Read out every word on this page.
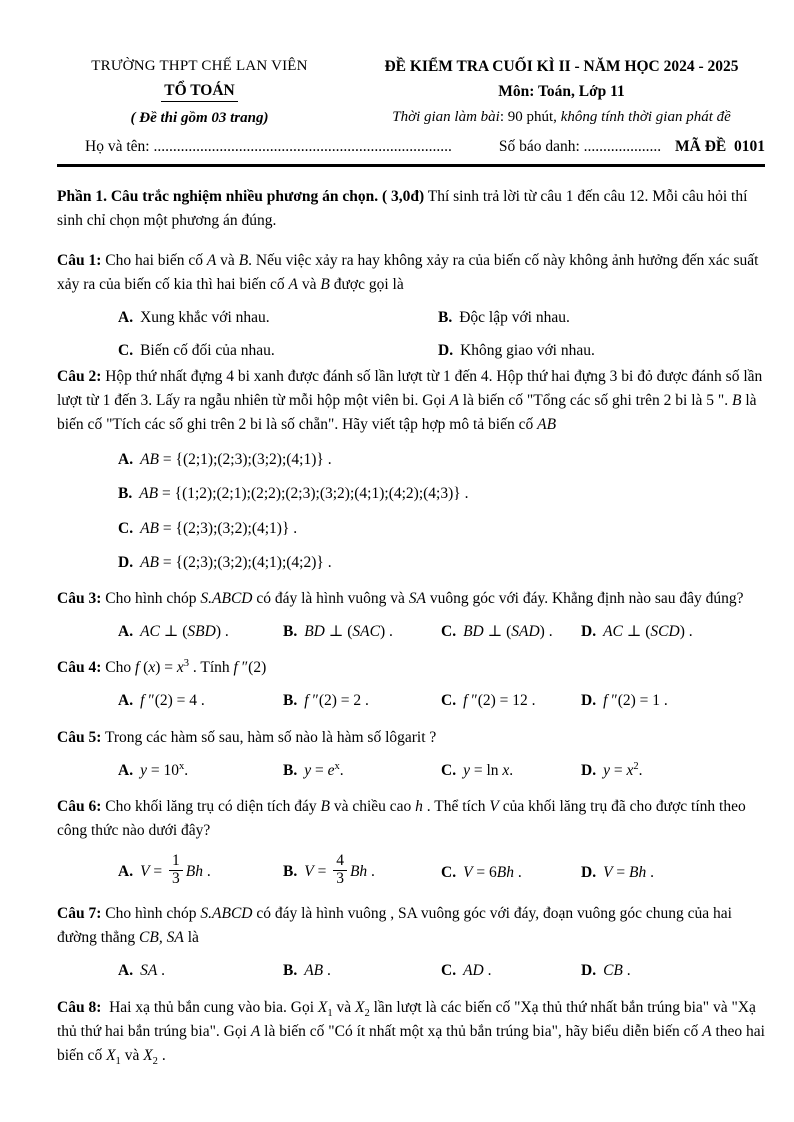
TRƯỜNG THPT CHẾ LAN VIÊN
TỔ TOÁN
( Đề thi gồm 03 trang)
ĐỀ KIỂM TRA CUỐI KÌ II - NĂM HỌC 2024 - 2025
Môn: Toán, Lớp 11
Thời gian làm bài: 90 phút, không tính thời gian phát đề
Họ và tên: .............................................................................	Số báo danh: .................... MÃ ĐỀ 0101

Phần 1. Câu trắc nghiệm nhiều phương án chọn. ( 3,0đ) Thí sinh trả lời từ câu 1 đến câu 12. Mỗi câu hỏi thí sinh chỉ chọn một phương án đúng.

Câu 1: Cho hai biến cố A và B. Nếu việc xảy ra hay không xảy ra của biến cố này không ảnh hưởng đến xác suất xảy ra của biến cố kia thì hai biến cố A và B được gọi là

A. Xung khắc với nhau.	B. Độc lập với nhau.
C. Biến cố đối của nhau.	D. Không giao với nhau.

Câu 2: Hộp thứ nhất đựng 4 bi xanh được đánh số lần lượt từ 1 đến 4. Hộp thứ hai đựng 3 bi đỏ được đánh số lần lượt từ 1 đến 3. Lấy ra ngẫu nhiên từ mỗi hộp một viên bi. Gọi A là biến cố "Tổng các số ghi trên 2 bi là 5 ". B là biến cố "Tích các số ghi trên 2 bi là số chẵn". Hãy viết tập hợp mô tả biến cố AB

A. AB = {(2;1);(2;3);(3;2);(4;1)} .
B. AB = {(1;2);(2;1);(2;2);(2;3);(3;2);(4;1);(4;2);(4;3)} .
C. AB = {(2;3);(3;2);(4;1)} .
D. AB = {(2;3);(3;2);(4;1);(4;2)} .

Câu 3: Cho hình chóp S.ABCD có đáy là hình vuông và SA vuông góc với đáy. Khẳng định nào sau đây đúng?

A. AC ⊥ (SBD) .	B. BD ⊥ (SAC) .	C. BD ⊥ (SAD) .	D. AC ⊥ (SCD) .

Câu 4: Cho f $(x) = x^3$ . Tính f ″(2)

A. f ″(2) = 4 .	B. f ″(2) = 2 .	C. f ″(2) = 12 .	D. f ″(2) = 1 .

Câu 5: Trong các hàm số sau, hàm số nào là hàm số lôgarit ?

A. $y = 10^x$.	B. $y = e^x$.	C. y = ln x.	D. $y = x^2$.

Câu 6: Cho khối lăng trụ có diện tích đáy B và chiều cao h . Thể tích V của khối lăng trụ đã cho được tính theo công thức nào dưới đây?

A. $V = \frac{1}{3}$ Bh .	B. $V = \frac{4}{3}$ Bh .	C. V = 6Bh .	D. V = Bh .

Câu 7: Cho hình chóp S.ABCD có đáy là hình vuông , SA vuông góc với đáy, đoạn vuông góc chung của hai đường thẳng CB, SA là

A. SA .	B. AB .	C. AD .	D. CB .

Câu 8: Hai xạ thủ bắn cung vào bia. Gọi $X_1$ và $X_2$ lần lượt là các biến cố "Xạ thủ thứ nhất bắn trúng bia" và "Xạ thủ thứ hai bắn trúng bia". Gọi A là biến cố "Có ít nhất một xạ thủ bắn trúng bia", hãy biểu diễn biến cố A theo hai biến cố $X_1$ và $X_2$ .
